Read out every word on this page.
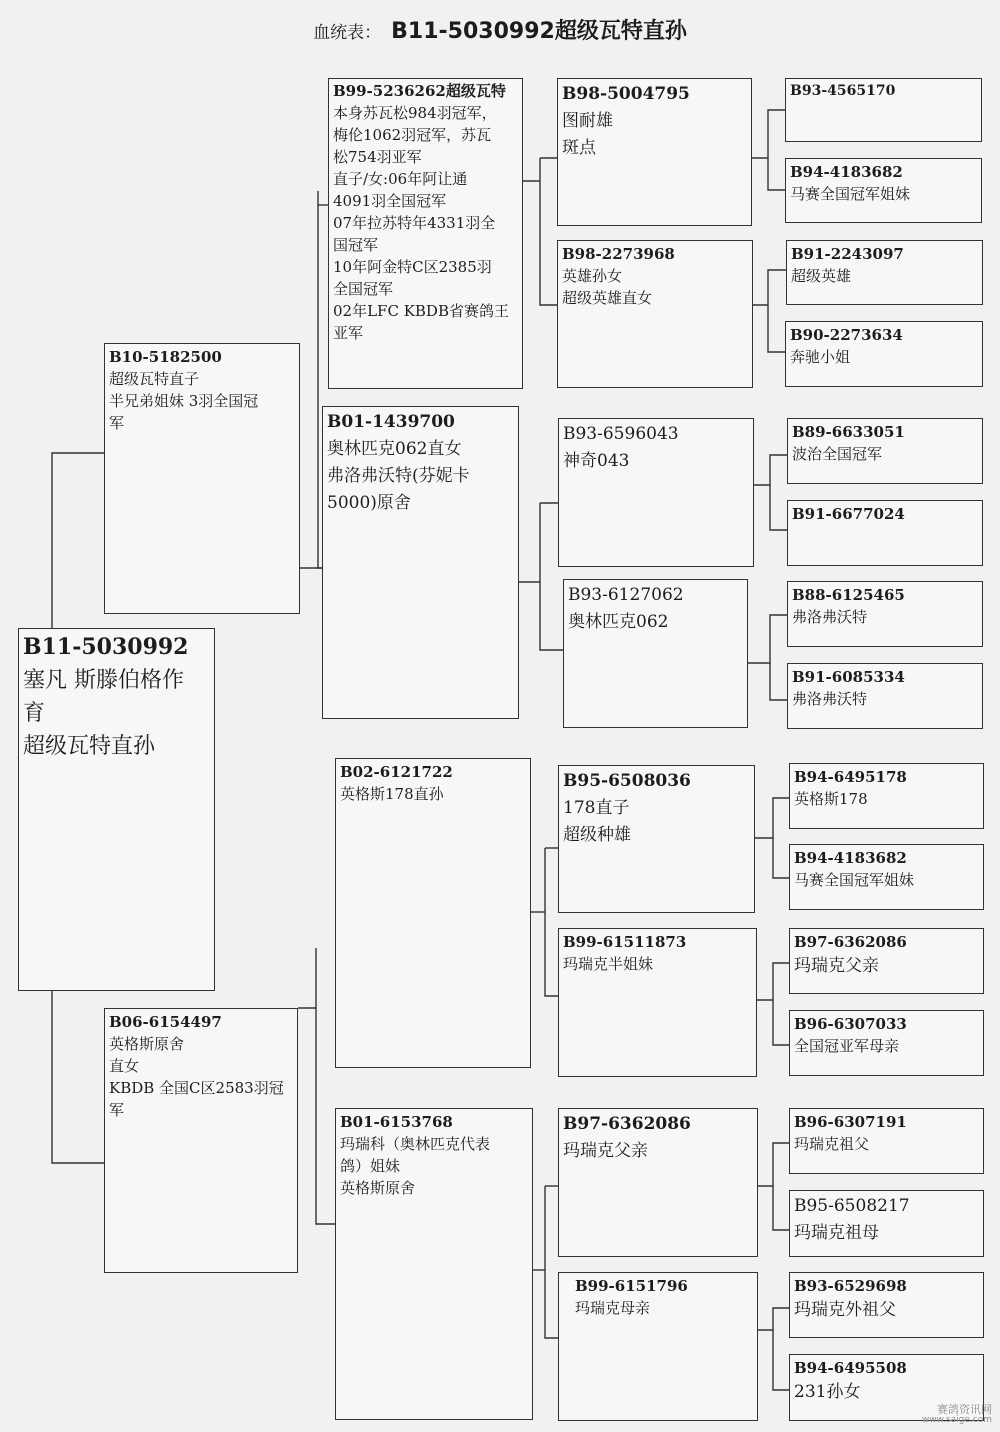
血统表： B11-5030992超级瓦特直孙
B11-5030992
塞凡 斯滕伯格作
育
超级瓦特直孙
B10-5182500
超级瓦特直子
半兄弟姐妹 3羽全国冠
军
B06-6154497
英格斯原舍
直女
KBDB 全国C区2583羽冠
军
B99-5236262超级瓦特
本身苏瓦松984羽冠军，
梅伦1062羽冠军，苏瓦
松754羽亚军
直子/女:06年阿让通
4091羽全国冠军
07年拉苏特年4331羽全
国冠军
10年阿金特C区2385羽
全国冠军
02年LFC KBDB省赛鸽王
亚军
B01-1439700
奥林匹克062直女
弗洛弗沃特(芬妮卡
5000)原舍
B02-6121722
英格斯178直孙
B01-6153768
玛瑞科（奥林匹克代表
鸽）姐妹
英格斯原舍
B98-5004795
图耐雄
斑点
B98-2273968
英雄孙女
超级英雄直女
B93-6596043
神奇043
B93-6127062
奥林匹克062
B95-6508036
178直子
超级种雄
B99-61511873
玛瑞克半姐妹
B97-6362086
玛瑞克父亲
B99-6151796
玛瑞克母亲
B93-4565170
B94-4183682
马赛全国冠军姐妹
B91-2243097
超级英雄
B90-2273634
奔驰小姐
B89-6633051
波治全国冠军
B91-6677024
B88-6125465
弗洛弗沃特
B91-6085334
弗洛弗沃特
B94-6495178
英格斯178
B94-4183682
马赛全国冠军姐妹
B97-6362086
玛瑞克父亲
B96-6307033
全国冠亚军母亲
B96-6307191
玛瑞克祖父
B95-6508217
玛瑞克祖母
B93-6529698
玛瑞克外祖父
B94-6495508
231孙女
赛鸽资讯网
www.saige.com
